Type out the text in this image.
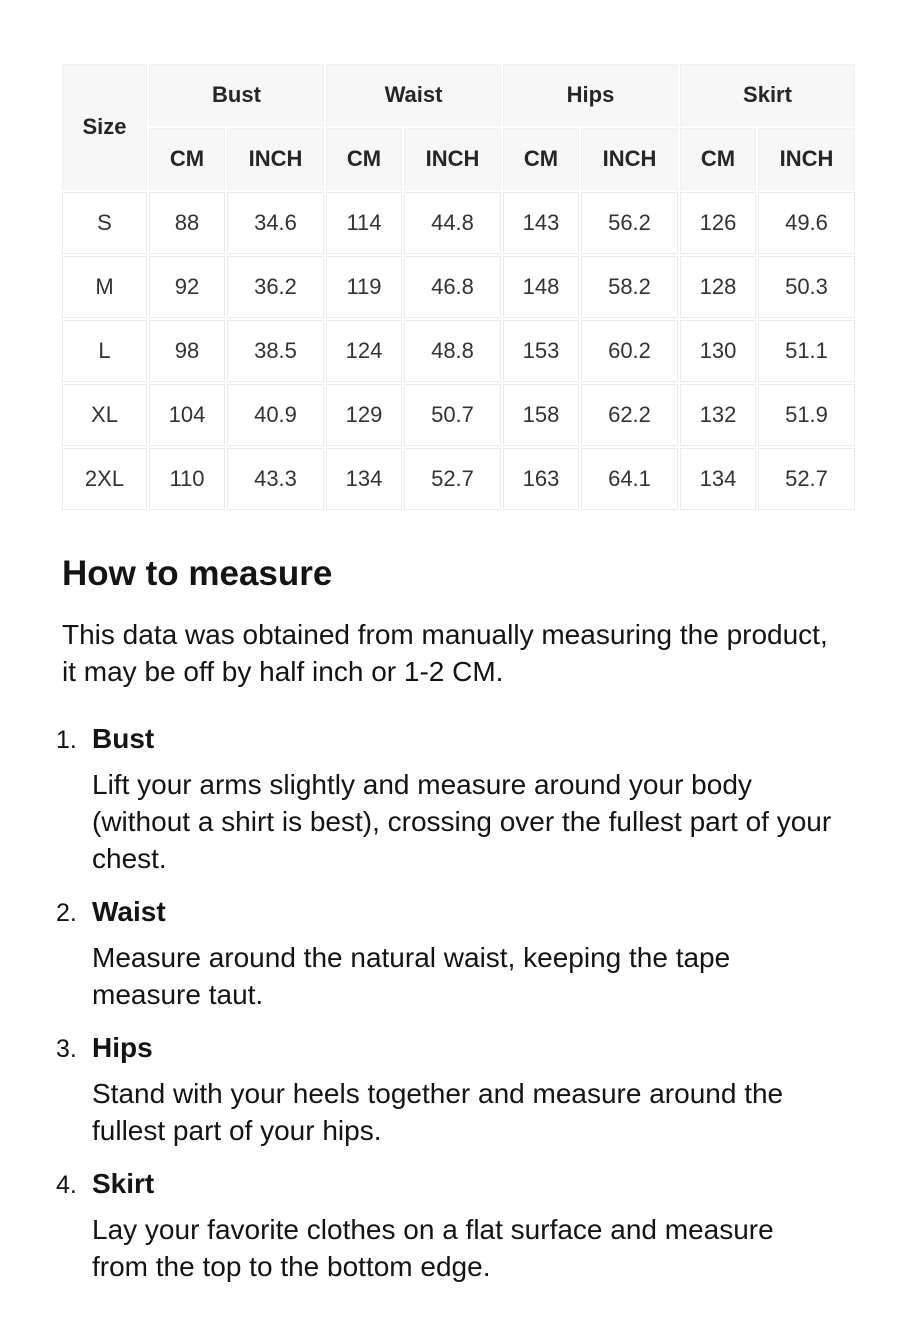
Size	Bust		Waist		Hips		Skirt	
	CM	INCH	CM	INCH	CM	INCH	CM	INCH
S	88	34.6	114	44.8	143	56.2	126	49.6
M	92	36.2	119	46.8	148	58.2	128	50.3
L	98	38.5	124	48.8	153	60.2	130	51.1
XL	104	40.9	129	50.7	158	62.2	132	51.9
2XL	110	43.3	134	52.7	163	64.1	134	52.7
How to measure

This data was obtained from manually measuring the product, it may be off by half inch or 1-2 CM.

1. Bust

Lift your arms slightly and measure around your body (without a shirt is best), crossing over the fullest part of your chest.

2. Waist

Measure around the natural waist, keeping the tape measure taut.

3. Hips

Stand with your heels together and measure around the fullest part of your hips.

4. Skirt

Lay your favorite clothes on a flat surface and measure from the top to the bottom edge.
